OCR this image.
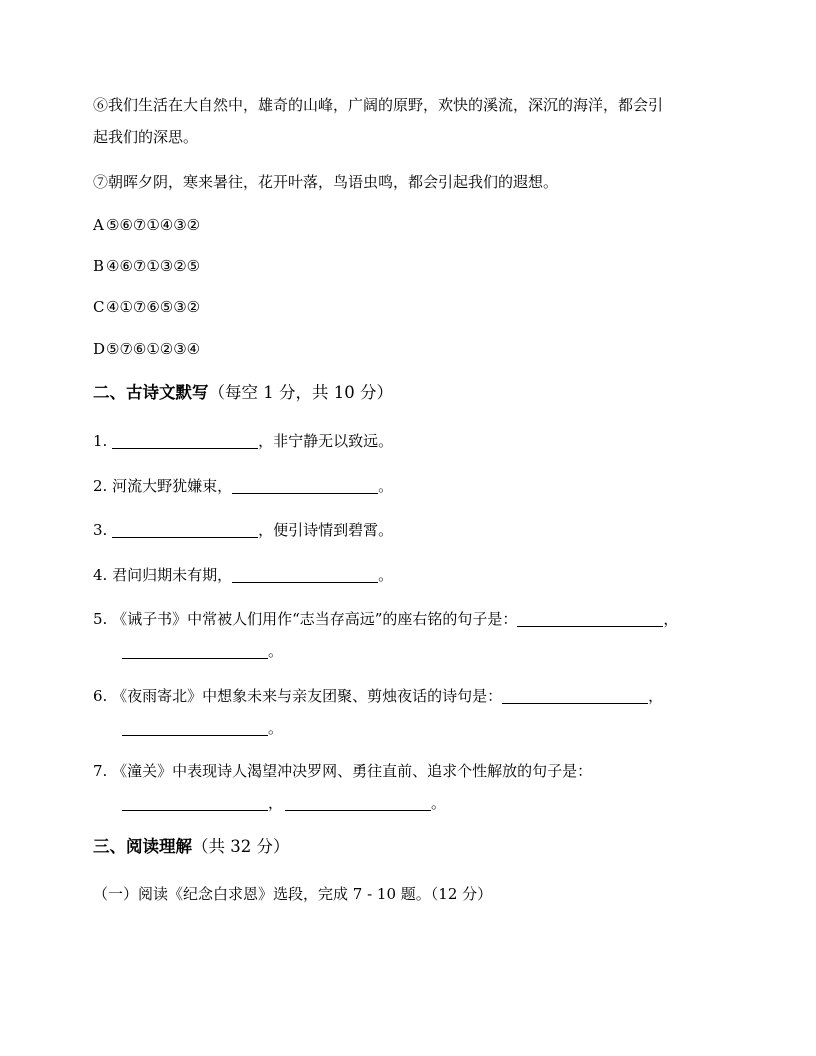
⑥我们生活在大自然中，雄奇的山峰，广阔的原野，欢快的溪流，深沉的海洋，都会引
起我们的深思。
⑦朝晖夕阴，寒来暑往，花开叶落，鸟语虫鸣，都会引起我们的遐想。
A ⑤⑥⑦①④③②
B ④⑥⑦①③②⑤
C ④①⑦⑥⑤③②
D⑤⑦⑥①②③④
二、古诗文默写（每空 1 分，共 10 分）
1.	，非宁静无以致远。
2. 河流大野犹嫌束，	。
3.	，便引诗情到碧霄。
4. 君问归期未有期，	。
5. 《诫子书》中常被人们用作“志当存高远”的座右铭的句子是：	，
。
6. 《夜雨寄北》中想象未来与亲友团聚、剪烛夜话的诗句是：	，
。
7. 《潼关》中表现诗人渴望冲决罗网、勇往直前、追求个性解放的句子是：
，	。
三、阅读理解（共 32 分）
（一）阅读《纪念白求恩》选段，完成 7 - 10 题。（12 分）
